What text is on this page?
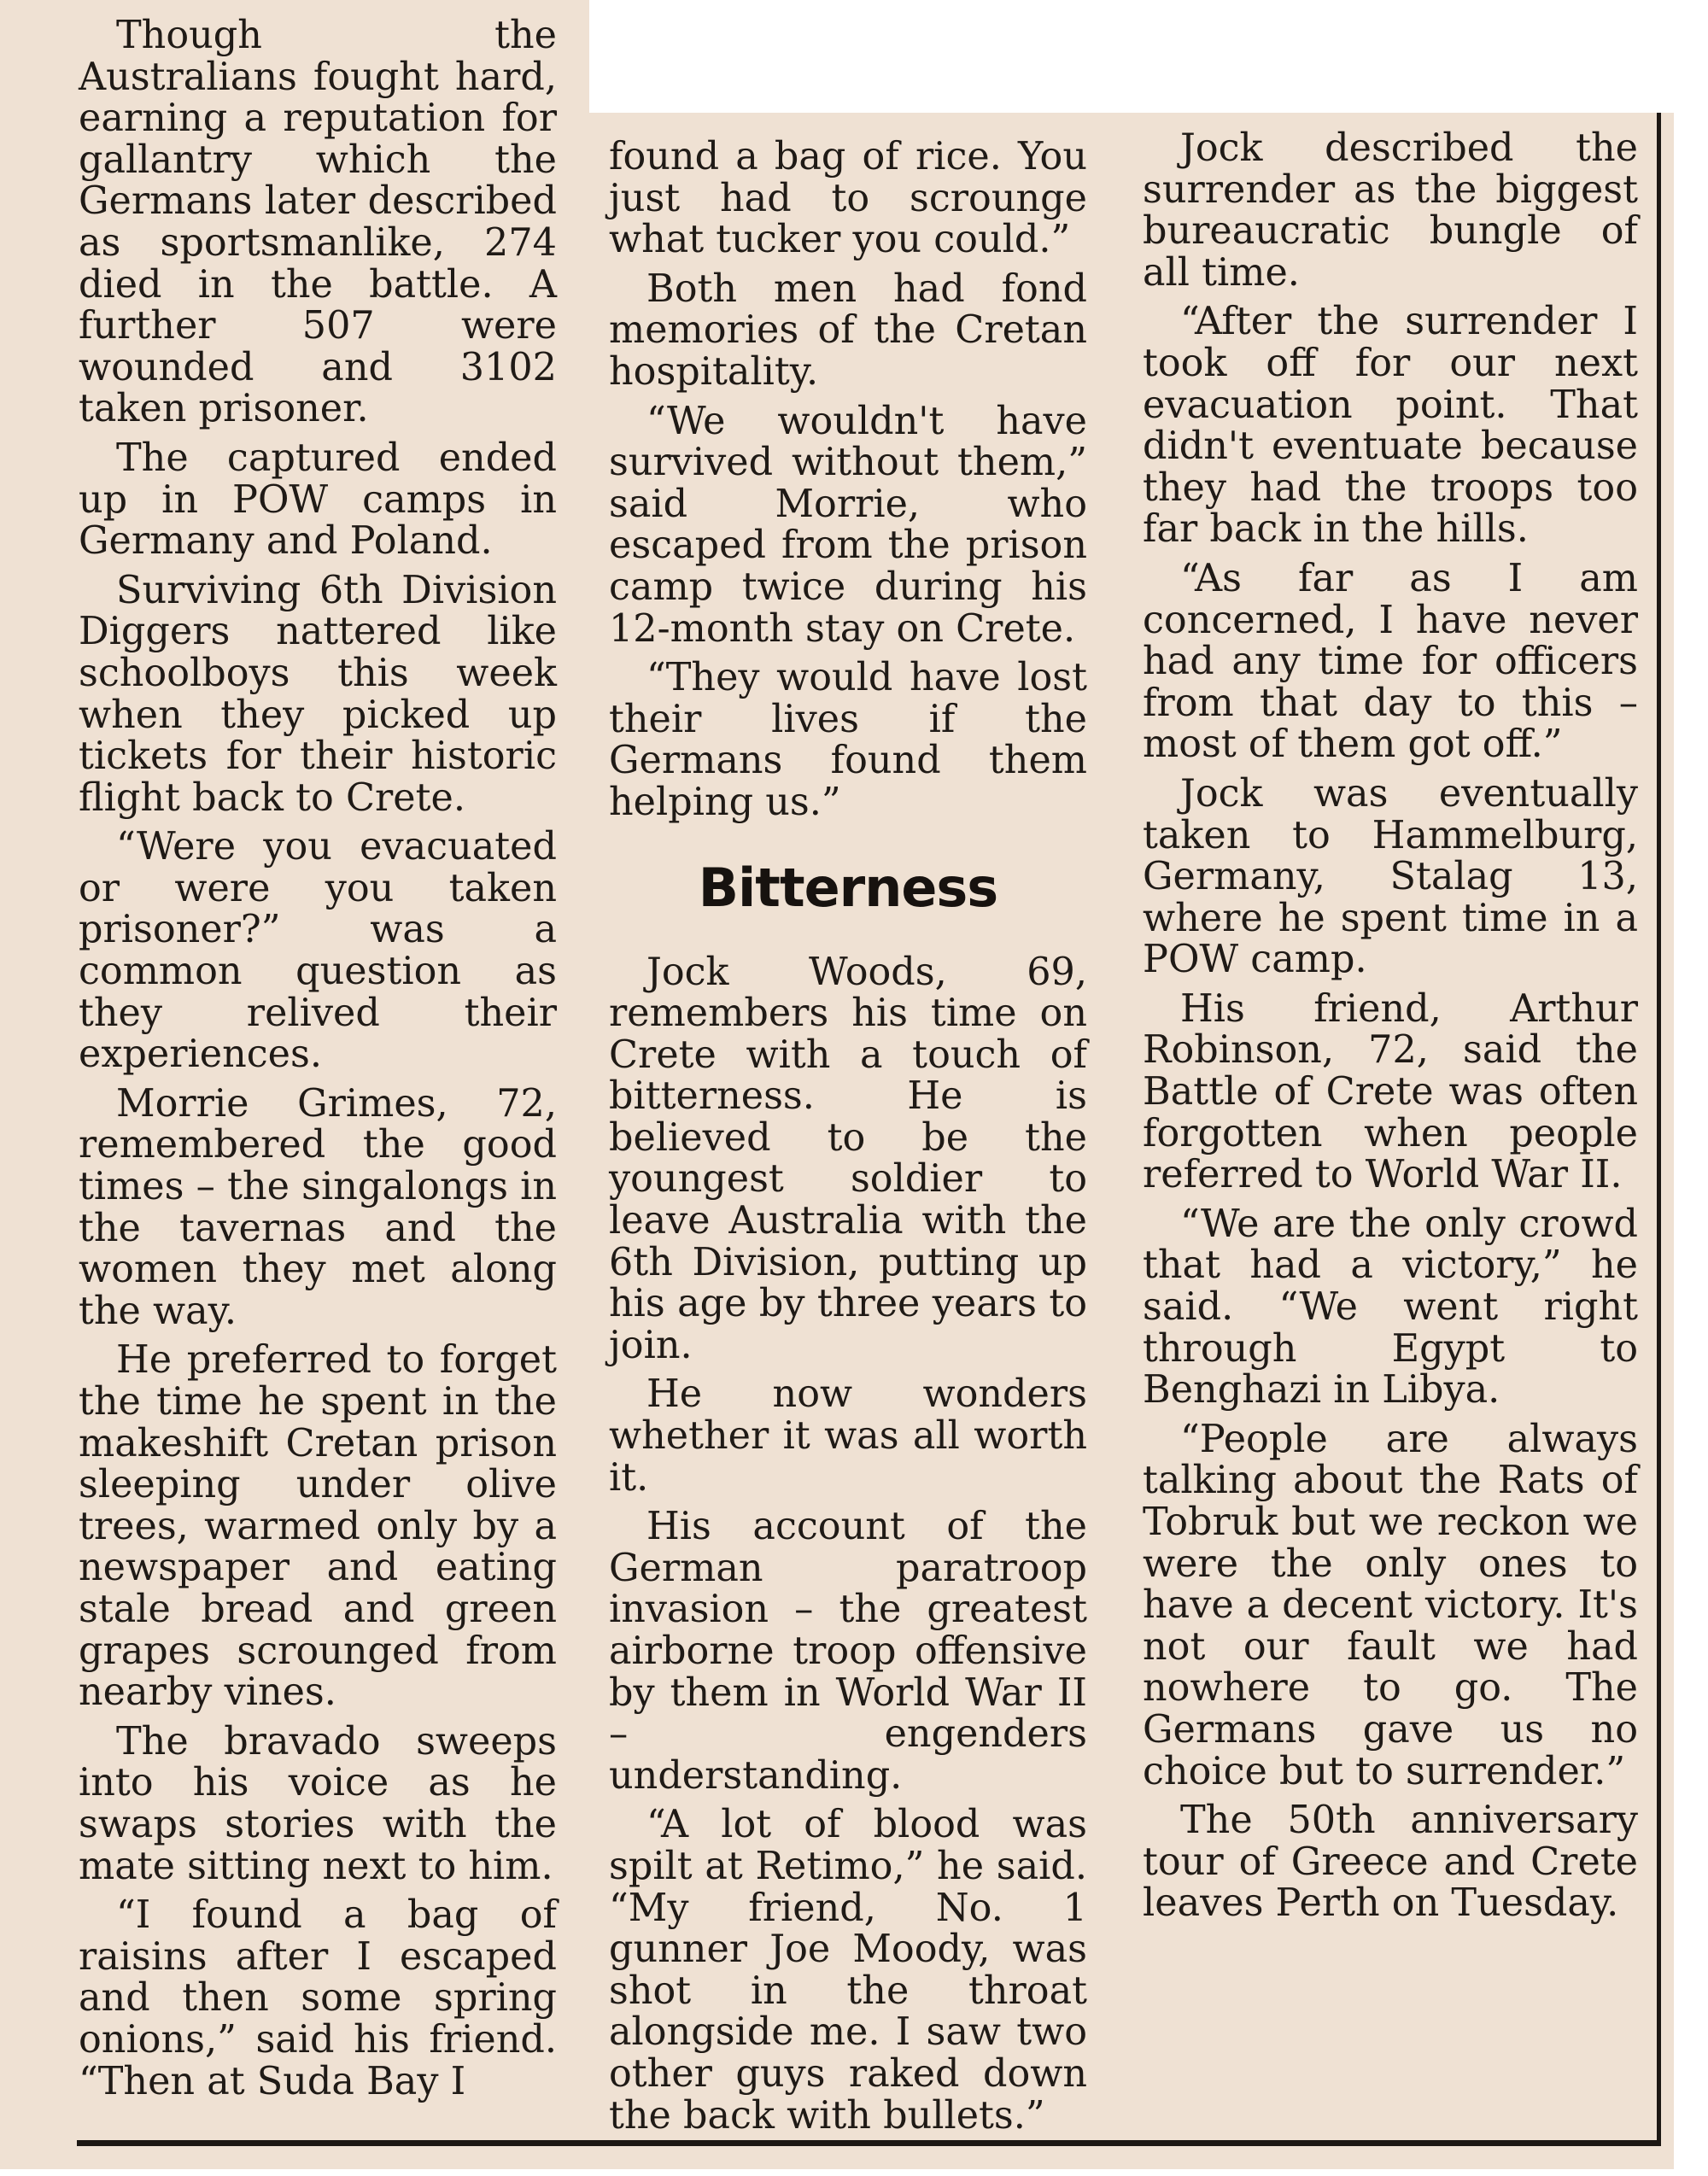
Though the Australians fought hard, earning a reputation for gallantry which the Germans later described as sportsmanlike, 274 died in the battle. A further 507 were wounded and 3102 taken prisoner.

The captured ended up in POW camps in Germany and Poland.

Surviving 6th Division Diggers nattered like schoolboys this week when they picked up tickets for their historic flight back to Crete.

“Were you evacuated or were you taken prisoner?” was a common question as they relived their experiences.

Morrie Grimes, 72, remembered the good times – the singalongs in the tavernas and the women they met along the way.

He preferred to forget the time he spent in the makeshift Cretan prison sleeping under olive trees, warmed only by a newspaper and eating stale bread and green grapes scrounged from nearby vines.

The bravado sweeps into his voice as he swaps stories with the mate sitting next to him.

“I found a bag of raisins after I escaped and then some spring onions,” said his friend. “Then at Suda Bay I

found a bag of rice. You just had to scrounge what tucker you could.”

Both men had fond memories of the Cretan hospitality.

“We wouldn't have survived without them,” said Morrie, who escaped from the prison camp twice during his 12-month stay on Crete.

“They would have lost their lives if the Germans found them helping us.”

Bitterness

Jock Woods, 69, remembers his time on Crete with a touch of bitterness. He is believed to be the youngest soldier to leave Australia with the 6th Division, putting up his age by three years to join.

He now wonders whether it was all worth it.

His account of the German paratroop invasion – the greatest airborne troop offensive by them in World War II – engenders understanding.

“A lot of blood was spilt at Retimo,” he said. “My friend, No. 1 gunner Joe Moody, was shot in the throat alongside me. I saw two other guys raked down the back with bullets.”

Jock described the surrender as the biggest bureaucratic bungle of all time.

“After the surrender I took off for our next evacuation point. That didn't eventuate because they had the troops too far back in the hills.

“As far as I am concerned, I have never had any time for officers from that day to this – most of them got off.”

Jock was eventually taken to Hammelburg, Germany, Stalag 13, where he spent time in a POW camp.

His friend, Arthur Robinson, 72, said the Battle of Crete was often forgotten when people referred to World War II.

“We are the only crowd that had a victory,” he said. “We went right through Egypt to Benghazi in Libya.

“People are always talking about the Rats of Tobruk but we reckon we were the only ones to have a decent victory. It's not our fault we had nowhere to go. The Germans gave us no choice but to surrender.”

The 50th anniversary tour of Greece and Crete leaves Perth on Tuesday.
